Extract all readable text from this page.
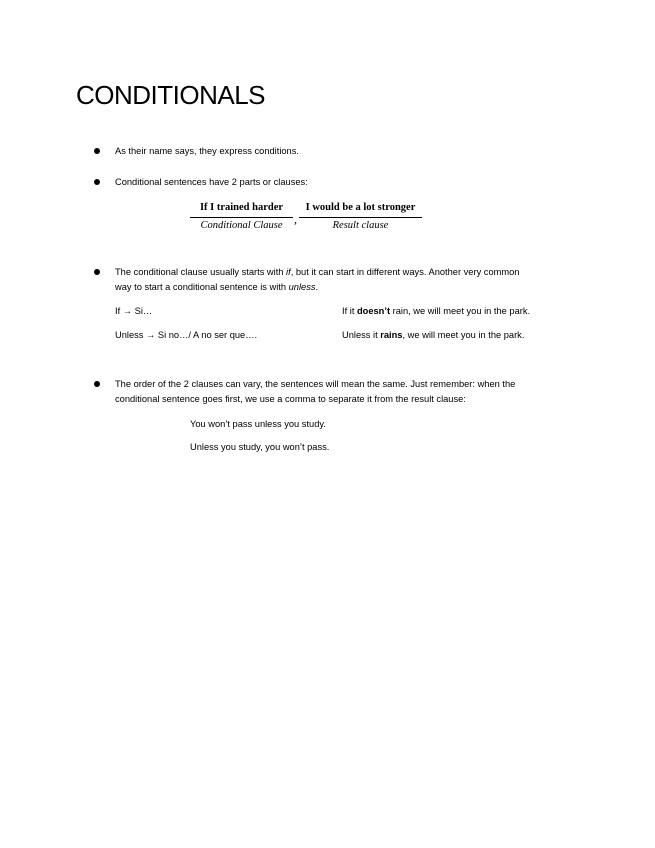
CONDITIONALS
As their name says, they express conditions.
Conditional sentences have 2 parts or clauses:
If I trained harder
Conditional Clause ,
I would be a lot stronger
Result clause
The conditional clause usually starts with if, but it can start in different ways. Another very common
way to start a conditional sentence is with unless.
If → Si…	If it doesn’t rain, we will meet you in the park.
Unless → Si no…/ A no ser que….	Unless it rains, we will meet you in the park.
The order of the 2 clauses can vary, the sentences will mean the same. Just remember: when the
conditional sentence goes first, we use a comma to separate it from the result clause:
You won’t pass unless you study.
Unless you study, you won’t pass.
